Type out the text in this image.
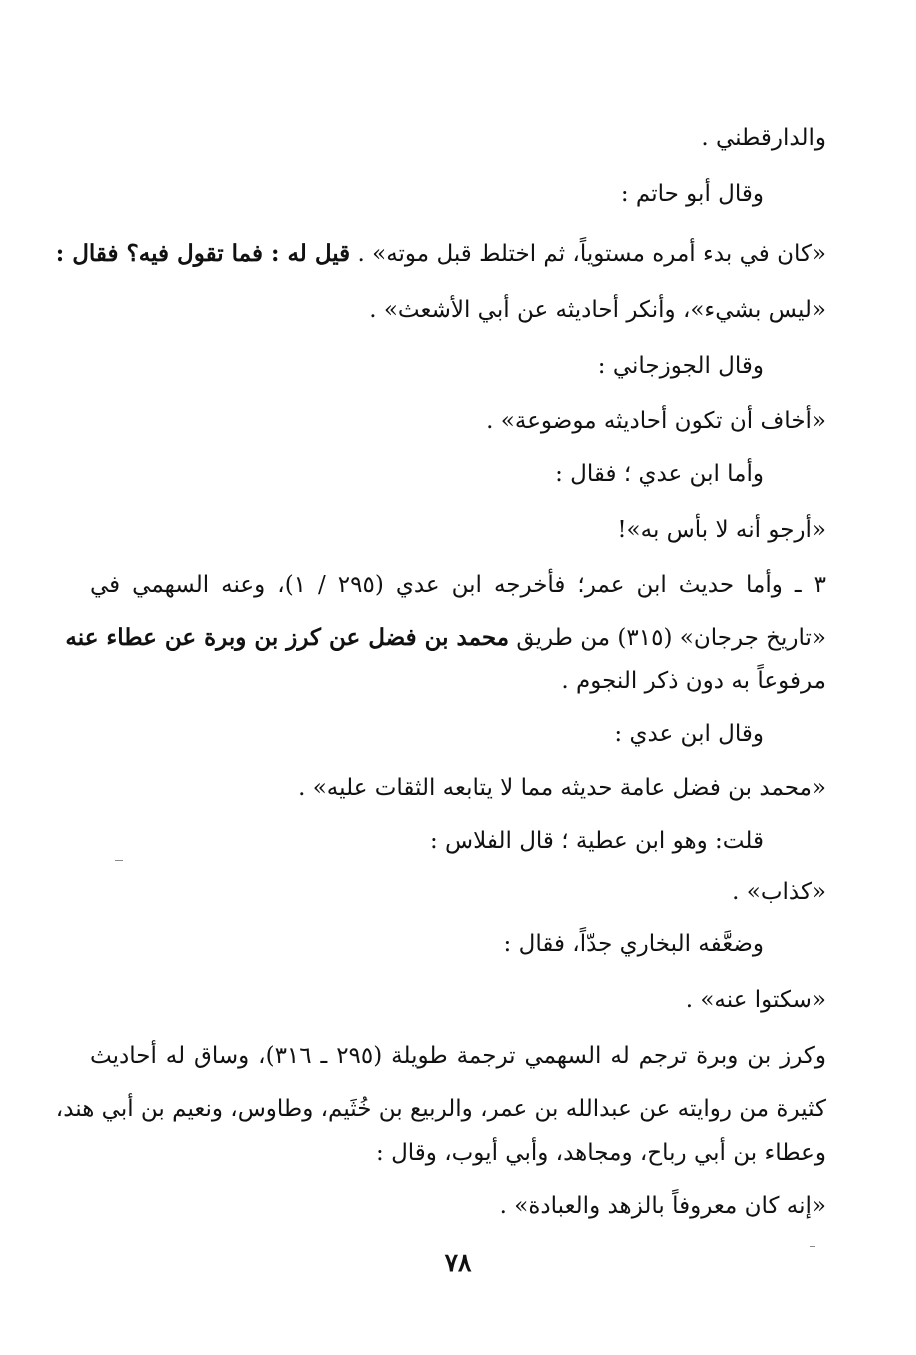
والدارقطني .
وقال أبو حاتم :
«كان في بدء أمره مستوياً، ثم اختلط قبل موته» . قيل له : فما تقول فيه؟ فقال :
«ليس بشيء»، وأنكر أحاديثه عن أبي الأشعث» .
وقال الجوزجاني :
«أخاف أن تكون أحاديثه موضوعة» .
وأما ابن عدي ؛ فقال :
«أرجو أنه لا بأس به»!
٣ ـ وأما حديث ابن عمر؛ فأخرجه ابن عدي (٢٩٥ / ١)، وعنه السهمي في
«تاريخ جرجان» (٣١٥) من طريق محمد بن فضل عن كرز بن وبرة عن عطاء عنه
مرفوعاً به دون ذكر النجوم .
وقال ابن عدي :
«محمد بن فضل عامة حديثه مما لا يتابعه الثقات عليه» .
قلت: وهو ابن عطية ؛ قال الفلاس :
«كذاب» .
وضعَّفه البخاري جدّاً، فقال :
«سكتوا عنه» .
وكرز بن وبرة ترجم له السهمي ترجمة طويلة (٢٩٥ ـ ٣١٦)، وساق له أحاديث
كثيرة من روايته عن عبدالله بن عمر، والربيع بن خُثَيم، وطاوس، ونعيم بن أبي هند،
وعطاء بن أبي رباح، ومجاهد، وأبي أيوب، وقال :
«إنه كان معروفاً بالزهد والعبادة» .
٧٨
